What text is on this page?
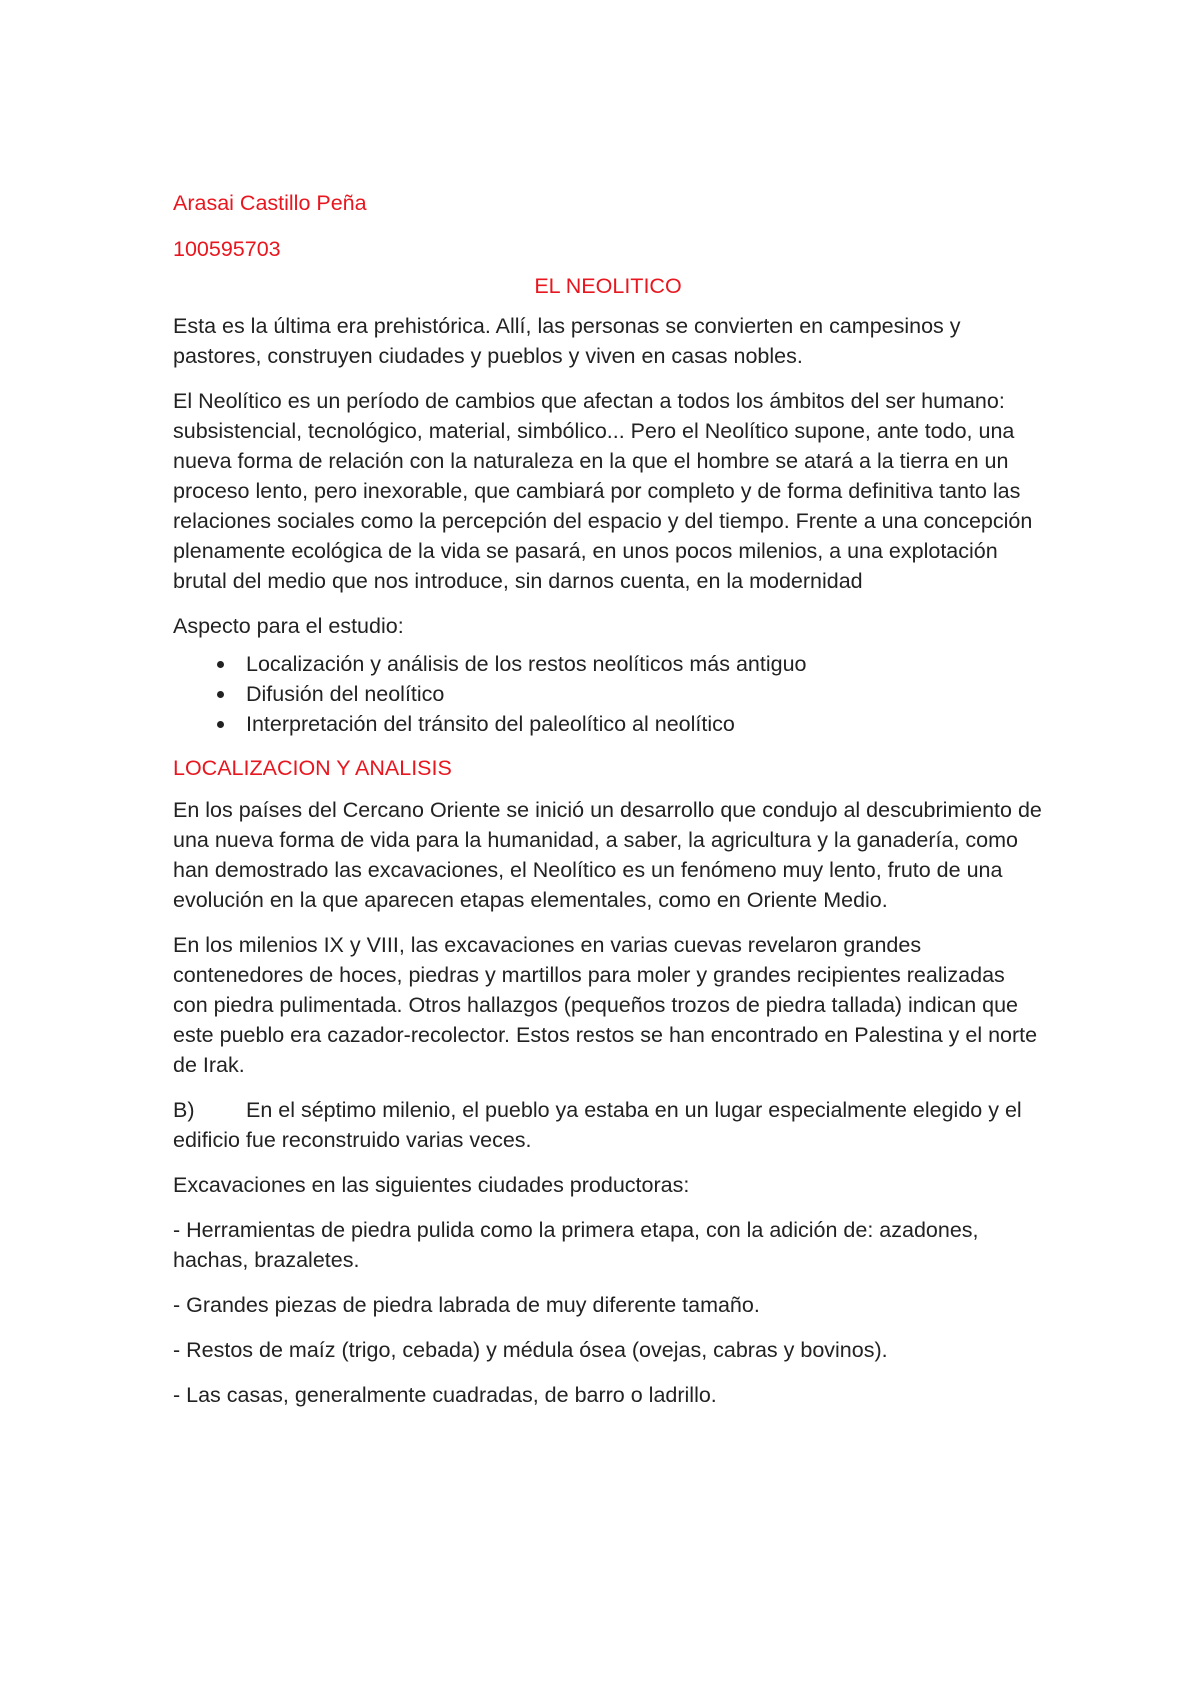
Arasai Castillo Peña

100595703

EL NEOLITICO

Esta es la última era prehistórica. Allí, las personas se convierten en campesinos y pastores, construyen ciudades y pueblos y viven en casas nobles.

El Neolítico es un período de cambios que afectan a todos los ámbitos del ser humano: subsistencial, tecnológico, material, simbólico... Pero el Neolítico supone, ante todo, una nueva forma de relación con la naturaleza en la que el hombre se atará a la tierra en un proceso lento, pero inexorable, que cambiará por completo y de forma definitiva tanto las relaciones sociales como la percepción del espacio y del tiempo. Frente a una concepción plenamente ecológica de la vida se pasará, en unos pocos milenios, a una explotación brutal del medio que nos introduce, sin darnos cuenta, en la modernidad

Aspecto para el estudio:

Localización y análisis de los restos neolíticos más antiguo
Difusión del neolítico
Interpretación del tránsito del paleolítico al neolítico

LOCALIZACION Y ANALISIS

En los países del Cercano Oriente se inició un desarrollo que condujo al descubrimiento de una nueva forma de vida para la humanidad, a saber, la agricultura y la ganadería, como han demostrado las excavaciones, el Neolítico es un fenómeno muy lento, fruto de una evolución en la que aparecen etapas elementales, como en Oriente Medio.

En los milenios IX y VIII, las excavaciones en varias cuevas revelaron grandes contenedores de hoces, piedras y martillos para moler y grandes recipientes realizadas con piedra pulimentada. Otros hallazgos (pequeños trozos de piedra tallada) indican que este pueblo era cazador-recolector. Estos restos se han encontrado en Palestina y el norte de Irak.

B) En el séptimo milenio, el pueblo ya estaba en un lugar especialmente elegido y el edificio fue reconstruido varias veces.

Excavaciones en las siguientes ciudades productoras:

- Herramientas de piedra pulida como la primera etapa, con la adición de: azadones, hachas, brazaletes.

- Grandes piezas de piedra labrada de muy diferente tamaño.

- Restos de maíz (trigo, cebada) y médula ósea (ovejas, cabras y bovinos).

- Las casas, generalmente cuadradas, de barro o ladrillo.
